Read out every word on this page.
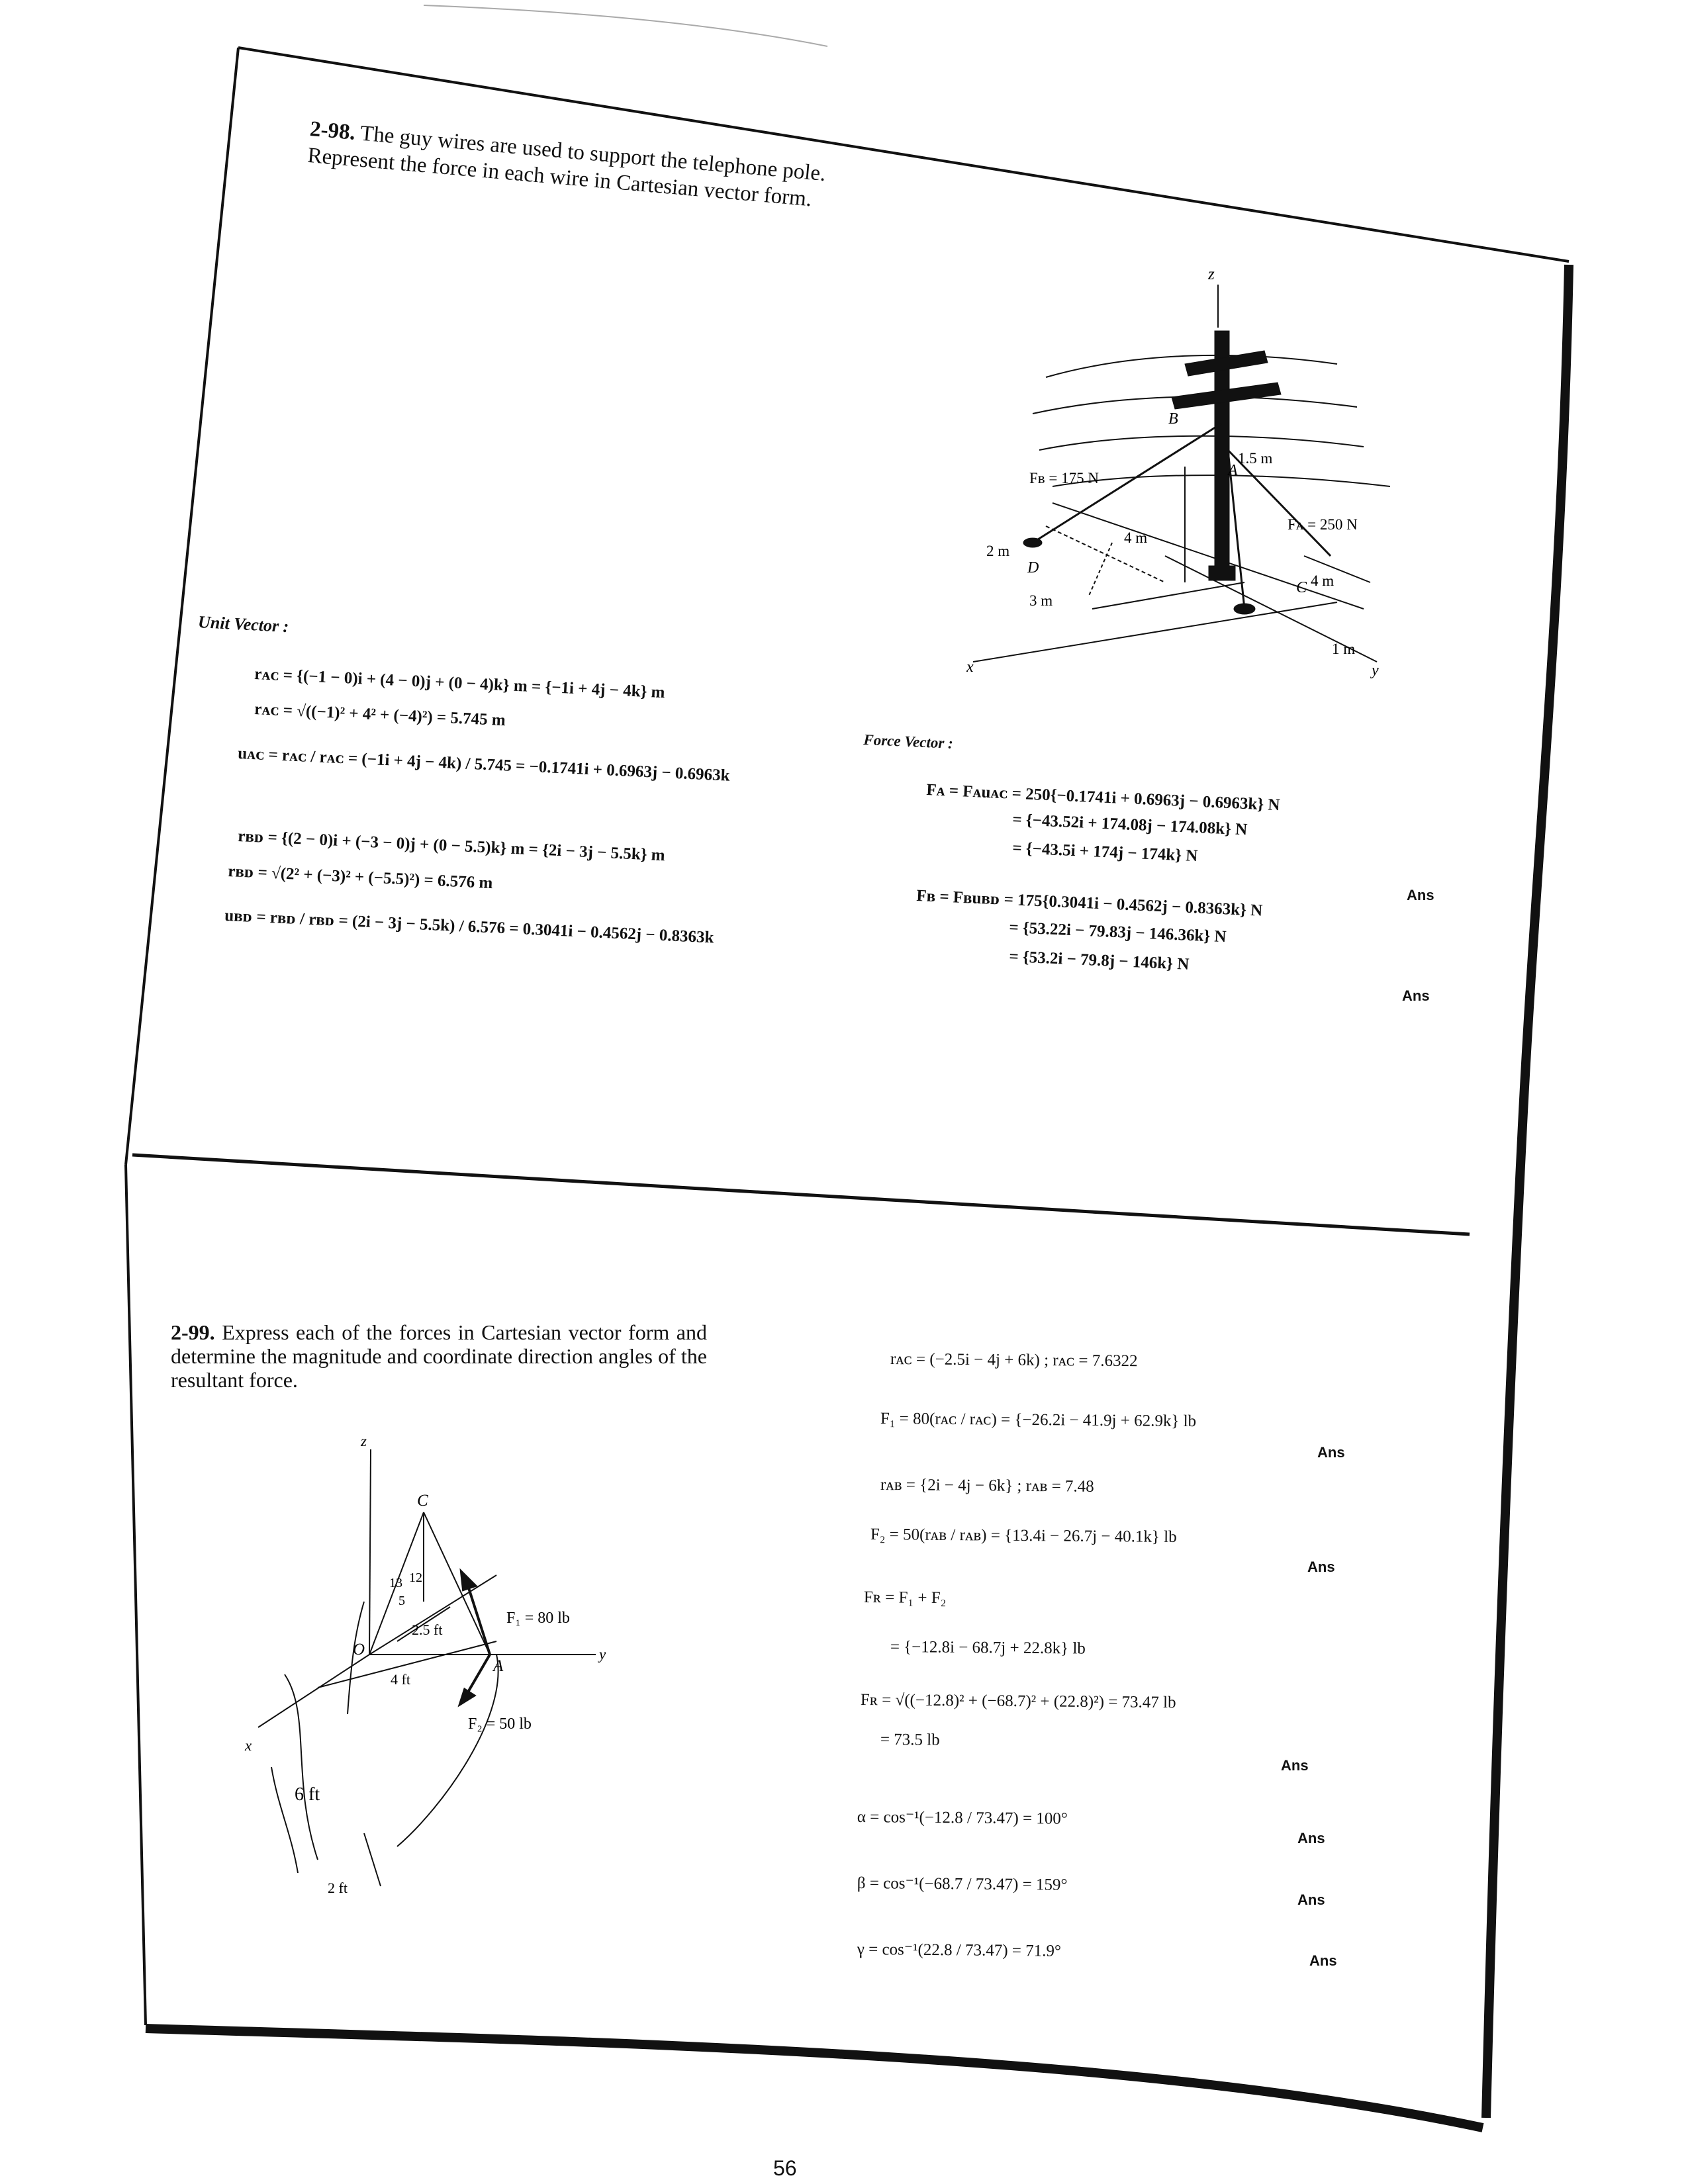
2-98. The guy wires are used to support the telephone pole. Represent the force in each wire in Cartesian vector form.
z
x	y
B
A
C
D
1.5 m
Fʙ = 175 N
Fᴀ = 250 N
4 m
2 m
3 m
4 m
1 m
Unit Vector :
rᴀᴄ = {(−1 − 0)i + (4 − 0)j + (0 − 4)k} m = {−1i + 4j − 4k} m
rᴀᴄ = √((−1)² + 4² + (−4)²) = 5.745 m
uᴀᴄ = rᴀᴄ / rᴀᴄ = (−1i + 4j − 4k) / 5.745 = −0.1741i + 0.6963j − 0.6963k
rʙᴅ = {(2 − 0)i + (−3 − 0)j + (0 − 5.5)k} m = {2i − 3j − 5.5k} m
rʙᴅ = √(2² + (−3)² + (−5.5)²) = 6.576 m
uʙᴅ = rʙᴅ / rʙᴅ = (2i − 3j − 5.5k) / 6.576 = 0.3041i − 0.4562j − 0.8363k
Force Vector :
Fᴀ = Fᴀuᴀᴄ = 250{−0.1741i + 0.6963j − 0.6963k} N
= {−43.52i + 174.08j − 174.08k} N
= {−43.5i + 174j − 174k} N
Fʙ = Fʙuʙᴅ = 175{0.3041i − 0.4562j − 0.8363k} N
= {53.22i − 79.83j − 146.36k} N
= {53.2i − 79.8j − 146k} N
Ans
Ans
2-99. Express each of the forces in Cartesian vector form and determine the magnitude and coordinate direction angles of the resultant force.
z
y
x
C
O
A
13 12
5
2.5 ft
4 ft
6 ft
2 ft
F₁ = 80 lb
F₂ = 50 lb
rᴀᴄ = (−2.5i − 4j + 6k) ; rᴀᴄ = 7.6322
F₁ = 80(rᴀᴄ / rᴀᴄ) = {−26.2i − 41.9j + 62.9k} lb
rᴀʙ = {2i − 4j − 6k} ; rᴀʙ = 7.48
F₂ = 50(rᴀʙ / rᴀʙ) = {13.4i − 26.7j − 40.1k} lb
Fʀ = F₁ + F₂
= {−12.8i − 68.7j + 22.8k} lb
Fʀ = √((−12.8)² + (−68.7)² + (22.8)²) = 73.47 lb
= 73.5 lb
α = cos⁻¹(−12.8 / 73.47) = 100°
β = cos⁻¹(−68.7 / 73.47) = 159°
γ = cos⁻¹(22.8 / 73.47) = 71.9°
Ans
Ans
Ans
Ans
Ans
Ans
56
